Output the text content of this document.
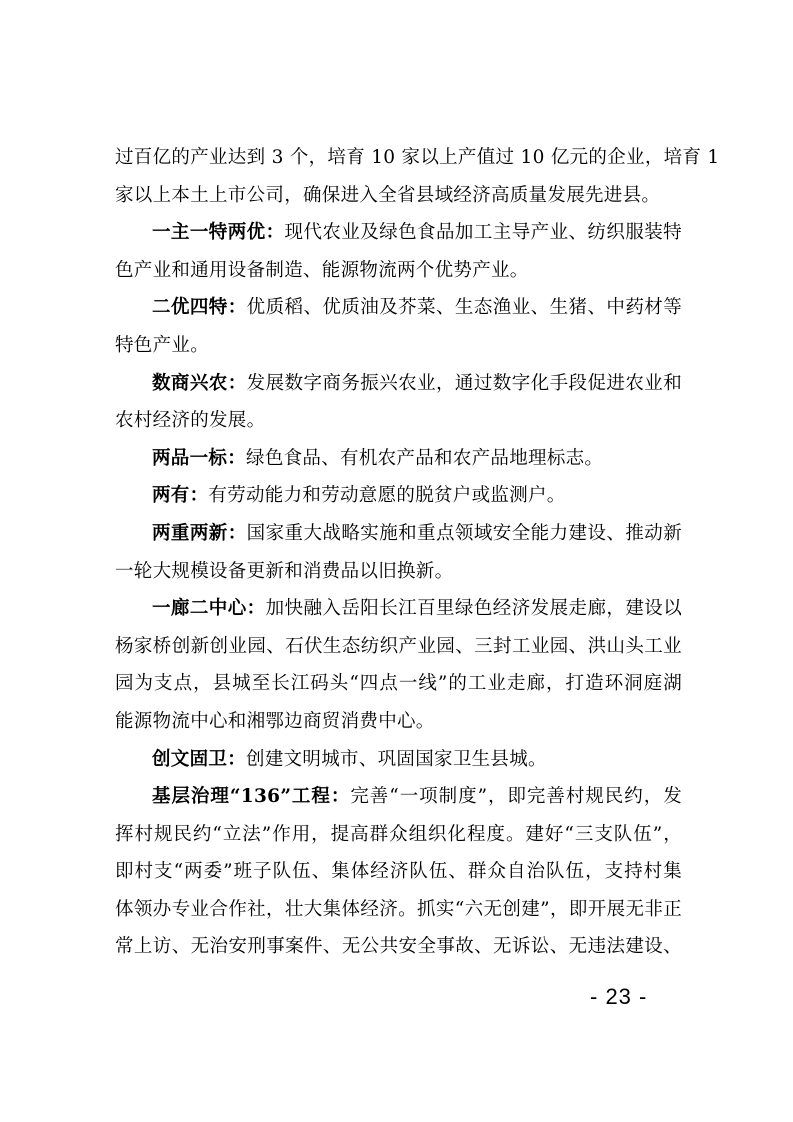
过百亿的产业达到 3 个，培育 10 家以上产值过 10 亿元的企业，培育 1
家以上本土上市公司，确保进入全省县域经济高质量发展先进县。
一主一特两优：现代农业及绿色食品加工主导产业、纺织服装特
色产业和通用设备制造、能源物流两个优势产业。
二优四特：优质稻、优质油及芥菜、生态渔业、生猪、中药材等
特色产业。
数商兴农：发展数字商务振兴农业，通过数字化手段促进农业和
农村经济的发展。
两品一标：绿色食品、有机农产品和农产品地理标志。
两有：有劳动能力和劳动意愿的脱贫户或监测户。
两重两新：国家重大战略实施和重点领域安全能力建设、推动新
一轮大规模设备更新和消费品以旧换新。
一廊二中心：加快融入岳阳长江百里绿色经济发展走廊，建设以
杨家桥创新创业园、石伏生态纺织产业园、三封工业园、洪山头工业
园为支点，县城至长江码头“四点一线”的工业走廊，打造环洞庭湖
能源物流中心和湘鄂边商贸消费中心。
创文固卫：创建文明城市、巩固国家卫生县城。
基层治理“136”工程：完善“一项制度”，即完善村规民约，发
挥村规民约“立法”作用，提高群众组织化程度。建好“三支队伍”，
即村支“两委”班子队伍、集体经济队伍、群众自治队伍，支持村集
体领办专业合作社，壮大集体经济。抓实“六无创建”，即开展无非正
常上访、无治安刑事案件、无公共安全事故、无诉讼、无违法建设、
- 23 -
